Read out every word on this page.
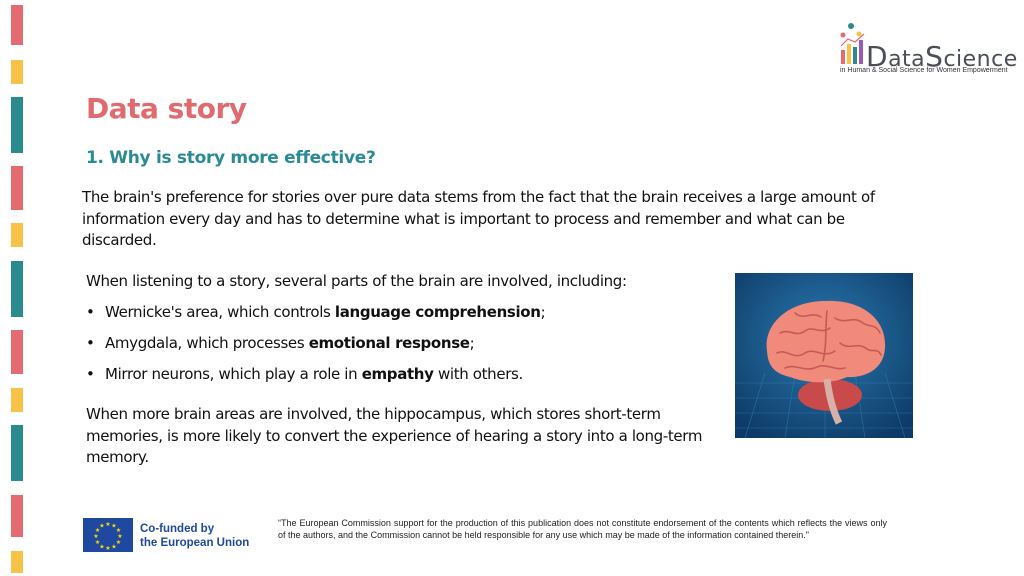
DataScience
in Human & Social Science for Women Empowerment
Data story
1. Why is story more effective?

The brain's preference for stories over pure data stems from the fact that the brain receives a large amount of information every day and has to determine what is important to process and remember and what can be discarded.

When listening to a story, several parts of the brain are involved, including:
• Wernicke's area, which controls language comprehension;
• Amygdala, which processes emotional response;
• Mirror neurons, which play a role in empathy with others.

When more brain areas are involved, the hippocampus, which stores short-term memories, is more likely to convert the experience of hearing a story into a long-term memory.

★ ★
★
★
★
★
★
★
★
★
★
★	Co-funded by
the European Union
“The European Commission support for the production of this publication does not constitute endorsement of the contents which reflects the views only of the authors, and the Commission cannot be held responsible for any use which may be made of the information contained therein."
